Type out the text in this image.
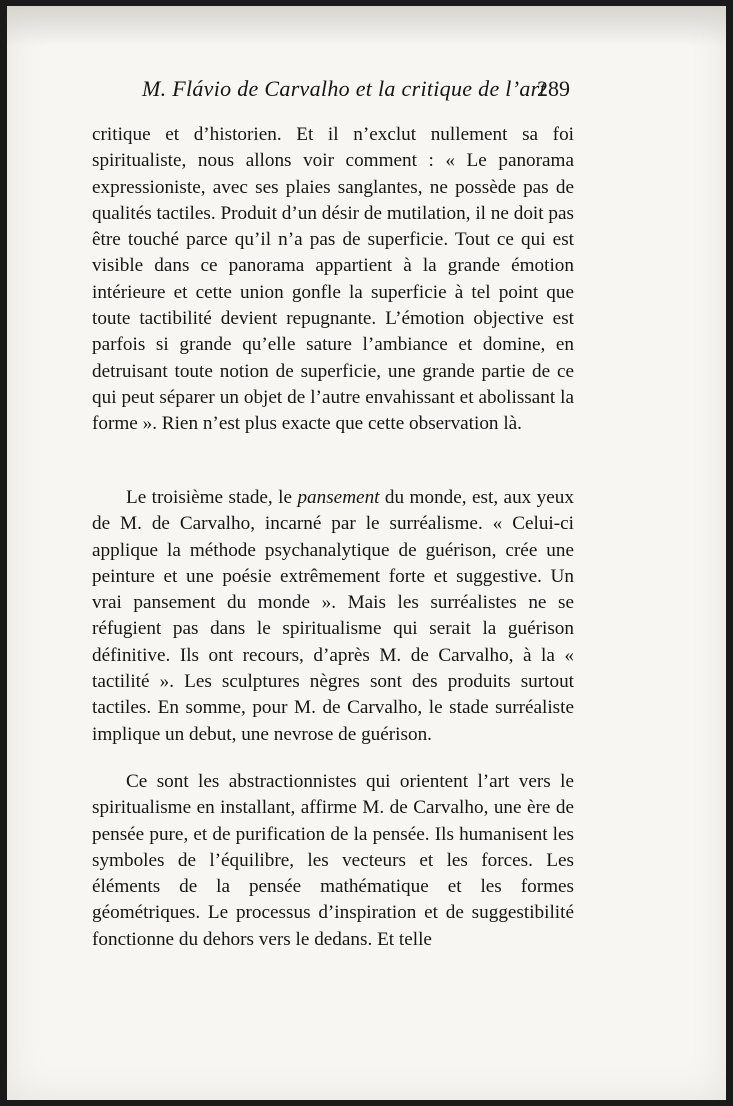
M. Flávio de Carvalho et la critique de l’art
289

critique et d’historien. Et il n’exclut nullement sa foi spiritualiste, nous allons voir comment : « Le panorama expressioniste, avec ses plaies sanglantes, ne possède pas de qualités tactiles. Produit d’un désir de mutilation, il ne doit pas être touché parce qu’il n’a pas de superficie. Tout ce qui est visible dans ce panorama appartient à la grande émotion intérieure et cette union gonfle la superficie à tel point que toute tactibilité devient repugnante. L’émotion objective est parfois si grande qu’elle sature l’ambiance et domine, en detruisant toute notion de superficie, une grande partie de ce qui peut séparer un objet de l’autre envahissant et abolissant la forme ». Rien n’est plus exacte que cette observation là.

Le troisième stade, le pansement du monde, est, aux yeux de M. de Carvalho, incarné par le surréalisme. « Celui-ci applique la méthode psychanalytique de guérison, crée une peinture et une poésie extrêmement forte et suggestive. Un vrai pansement du monde ». Mais les surréalistes ne se réfugient pas dans le spiritualisme qui serait la guérison définitive. Ils ont recours, d’après M. de Carvalho, à la « tactilité ». Les sculptures nègres sont des produits surtout tactiles. En somme, pour M. de Carvalho, le stade surréaliste implique un debut, une nevrose de guérison.

Ce sont les abstractionnistes qui orientent l’art vers le spiritualisme en installant, affirme M. de Carvalho, une ère de pensée pure, et de purification de la pensée. Ils humanisent les symboles de l’équilibre, les vecteurs et les forces. Les éléments de la pensée mathématique et les formes géométriques. Le processus d’inspiration et de suggestibilité fonctionne du dehors vers le dedans. Et telle
